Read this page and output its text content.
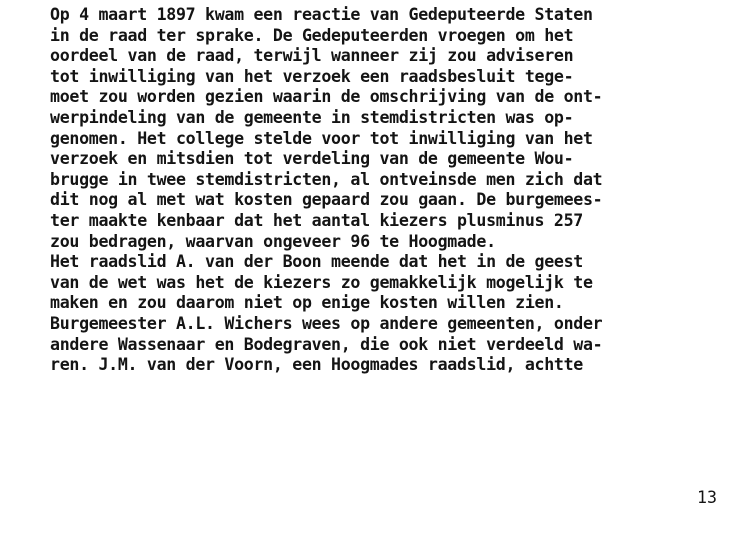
Op 4 maart 1897 kwam een reactie van Gedeputeerde Staten
in de raad ter sprake. De Gedeputeerden vroegen om het
oordeel van de raad, terwijl wanneer zij zou adviseren
tot inwilliging van het verzoek een raadsbesluit tege-
moet zou worden gezien waarin de omschrijving van de ont-
werpindeling van de gemeente in stemdistricten was op-
genomen. Het college stelde voor tot inwilliging van het
verzoek en mitsdien tot verdeling van de gemeente Wou-
brugge in twee stemdistricten, al ontveinsde men zich dat
dit nog al met wat kosten gepaard zou gaan. De burgemees-
ter maakte kenbaar dat het aantal kiezers plusminus 257
zou bedragen, waarvan ongeveer 96 te Hoogmade.
Het raadslid A. van der Boon meende dat het in de geest
van de wet was het de kiezers zo gemakkelijk mogelijk te
maken en zou daarom niet op enige kosten willen zien.
Burgemeester A.L. Wichers wees op andere gemeenten, onder
andere Wassenaar en Bodegraven, die ook niet verdeeld wa-
ren. J.M. van der Voorn, een Hoogmades raadslid, achtte
13
